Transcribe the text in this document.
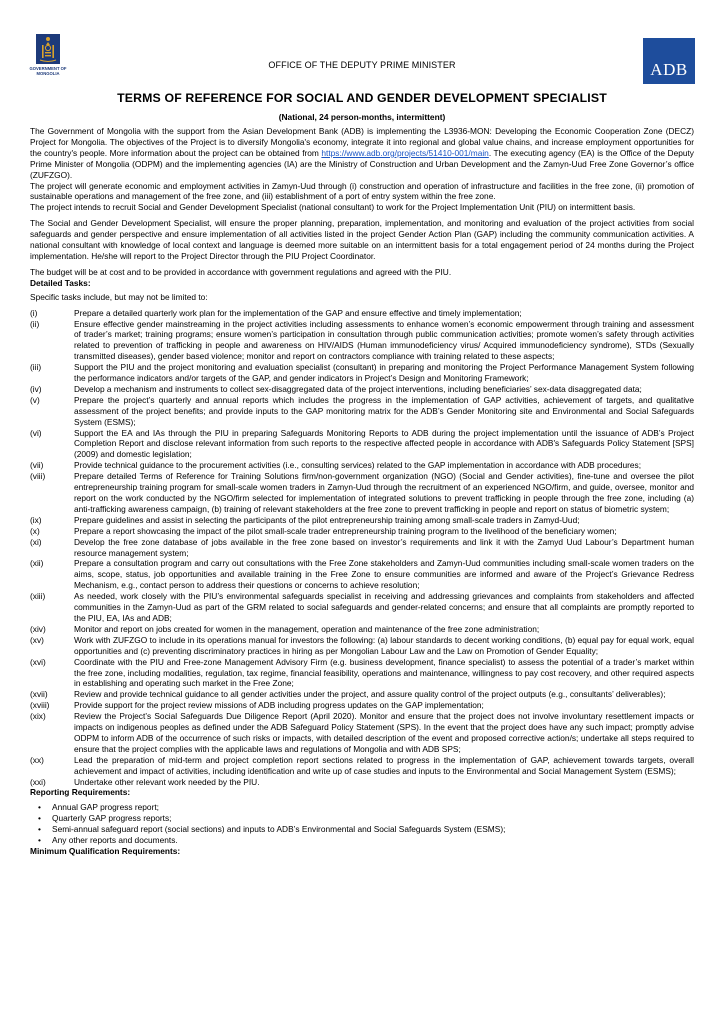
GOVERNMENT OF MONGOLIA
OFFICE OF THE DEPUTY PRIME MINISTER	ADB
TERMS OF REFERENCE FOR SOCIAL AND GENDER DEVELOPMENT SPECIALIST
(National, 24 person-months, intermittent)

The Government of Mongolia with the support from the Asian Development Bank (ADB) is implementing the L3936-MON: Developing the Economic Cooperation Zone (DECZ) Project for Mongolia. The objectives of the Project is to diversify Mongolia's economy, integrate it into regional and global value chains, and increase employment opportunities for the country's people. More information about the project can be obtained from https://www.adb.org/projects/51410-001/main. The executing agency (EA) is the Office of the Deputy Prime Minister of Mongolia (ODPM) and the implementing agencies (IA) are the Ministry of Construction and Urban Development and the Zamyn-Uud Free Zone Governor’s office (ZUFZGO).

The project will generate economic and employment activities in Zamyn-Uud through (i) construction and operation of infrastructure and facilities in the free zone, (ii) promotion of sustainable operations and management of the free zone, and (iii) establishment of a port of entry system within the free zone.

The project intends to recruit Social and Gender Development Specialist (national consultant) to work for the Project Implementation Unit (PIU) on intermittent basis.

The Social and Gender Development Specialist, will ensure the proper planning, preparation, implementation, and monitoring and evaluation of the project activities from social safeguards and gender perspective and ensure implementation of all activities listed in the project Gender Action Plan (GAP) including the community communication activities. A national consultant with knowledge of local context and language is deemed more suitable on an intermittent basis for a total engagement period of 24 months during the Project implementation. He/she will report to the Project Director through the PIU Project Coordinator.

The budget will be at cost and to be provided in accordance with government regulations and agreed with the PIU.

Detailed Tasks:

Specific tasks include, but may not be limited to:

(i)	Prepare a detailed quarterly work plan for the implementation of the GAP and ensure effective and timely implementation;
(ii)	Ensure effective gender mainstreaming in the project activities including assessments to enhance women’s economic empowerment through training and assessment of trader’s market; training programs; ensure women’s participation in consultation through public communication activities; promote women’s safety through activities related to prevention of trafficking in people and awareness on HIV/AIDS (Human immunodeficiency virus/ Acquired immunodeficiency syndrome), STDs (Sexually transmitted diseases), gender based violence; monitor and report on contractors compliance with training related to these aspects;
(iii)	Support the PIU and the project monitoring and evaluation specialist (consultant) in preparing and monitoring the Project Performance Management System following the performance indicators and/or targets of the GAP, and gender indicators in Project’s Design and Monitoring Framework;
(iv)	Develop a mechanism and instruments to collect sex-disaggregated data of the project interventions, including beneficiaries’ sex-data disaggregated data;
(v)	Prepare the project’s quarterly and annual reports which includes the progress in the implementation of GAP activities, achievement of targets, and qualitative assessment of the project benefits; and provide inputs to the GAP monitoring matrix for the ADB’s Gender Monitoring site and Environmental and Social Safeguards System (ESMS);
(vi)	Support the EA and IAs through the PIU in preparing Safeguards Monitoring Reports to ADB during the project implementation until the issuance of ADB’s Project Completion Report and disclose relevant information from such reports to the respective affected people in accordance with ADB's Safeguards Policy Statement [SPS] (2009) and domestic legislation;
(vii)	Provide technical guidance to the procurement activities (i.e., consulting services) related to the GAP implementation in accordance with ADB procedures;
(viii)	Prepare detailed Terms of Reference for Training Solutions firm/non-government organization (NGO) (Social and Gender activities), fine-tune and oversee the pilot entrepreneurship training program for small-scale women traders in Zamyn-Uud through the recruitment of an experienced NGO/firm, and guide, oversee, monitor and report on the work conducted by the NGO/firm selected for implementation of integrated solutions to prevent trafficking in people through the free zone, including (a) anti-trafficking awareness campaign, (b) training of relevant stakeholders at the free zone to prevent trafficking in people and report on status of biometric system;
(ix)	Prepare guidelines and assist in selecting the participants of the pilot entrepreneurship training among small-scale traders in Zamyd-Uud;
(x)	Prepare a report showcasing the impact of the pilot small-scale trader entrepreneurship training program to the livelihood of the beneficiary women;
(xi)	Develop the free zone database of jobs available in the free zone based on investor’s requirements and link it with the Zamyd Uud Labour’s Department human resource management system;
(xii)	Prepare a consultation program and carry out consultations with the Free Zone stakeholders and Zamyn-Uud communities including small-scale women traders on the aims, scope, status, job opportunities and available training in the Free Zone to ensure communities are informed and aware of the Project’s Grievance Redress Mechanism, e.g., contact person to address their questions or concerns to achieve resolution;
(xiii)	As needed, work closely with the PIU’s environmental safeguards specialist in receiving and addressing grievances and complaints from stakeholders and affected communities in the Zamyn-Uud as part of the GRM related to social safeguards and gender-related concerns; and ensure that all complaints are promptly reported to the PIU, EA, IAs and ADB;
(xiv)	Monitor and report on jobs created for women in the management, operation and maintenance of the free zone administration;
(xv)	Work with ZUFZGO to include in its operations manual for investors the following: (a) labour standards to decent working conditions, (b) equal pay for equal work, equal opportunities and (c) preventing discriminatory practices in hiring as per Mongolian Labour Law and the Law on Promotion of Gender Equality;
(xvi)	Coordinate with the PIU and Free-zone Management Advisory Firm (e.g. business development, finance specialist) to assess the potential of a trader’s market within the free zone, including modalities, regulation, tax regime, financial feasibility, operations and maintenance, willingness to pay cost recovery, and other required aspects in establishing and operating such market in the Free Zone;
(xvii)	Review and provide technical guidance to all gender activities under the project, and assure quality control of the project outputs (e.g., consultants’ deliverables);
(xviii)	Provide support for the project review missions of ADB including progress updates on the GAP implementation;
(xix)	Review the Project’s Social Safeguards Due Diligence Report (April 2020). Monitor and ensure that the project does not involve involuntary resettlement impacts or impacts on indigenous peoples as defined under the ADB Safeguard Policy Statement (SPS). In the event that the project does have any such impact; promptly advise ODPM to inform ADB of the occurrence of such risks or impacts, with detailed description of the event and proposed corrective action/s; undertake all steps required to ensure that the project complies with the applicable laws and regulations of Mongolia and with ADB SPS;
(xx)	Lead the preparation of mid-term and project completion report sections related to progress in the implementation of GAP, achievement towards targets, overall achievement and impact of activities, including identification and write up of case studies and inputs to the Environmental and Social Management System (ESMS);
(xxi)	Undertake other relevant work needed by the PIU.

Reporting Requirements:

• Annual GAP progress report;
• Quarterly GAP progress reports;
• Semi-annual safeguard report (social sections) and inputs to ADB’s Environmental and Social Safeguards System (ESMS);
• Any other reports and documents.

Minimum Qualification Requirements:
